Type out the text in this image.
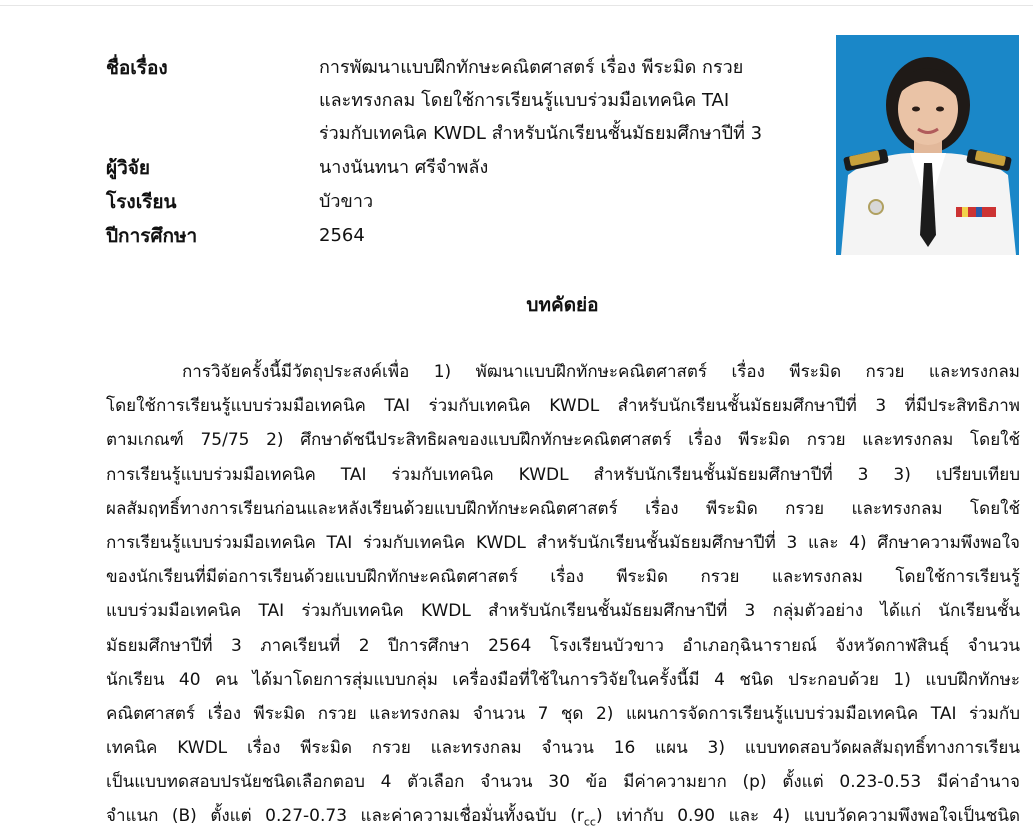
ชื่อเรื่อง	การพัฒนาแบบฝึกทักษะคณิตศาสตร์ เรื่อง พีระมิด กรวย
และทรงกลม โดยใช้การเรียนรู้แบบร่วมมือเทคนิค TAI
ร่วมกับเทคนิค KWDL สำหรับนักเรียนชั้นมัธยมศึกษาปีที่ 3
ผู้วิจัย	นางนันทนา ศรีจำพลัง
โรงเรียน	บัวขาว
ปีการศึกษา	2564
บทคัดย่อ
การวิจัยครั้งนี้มีวัตถุประสงค์เพื่อ 1) พัฒนาแบบฝึกทักษะคณิตศาสตร์ เรื่อง พีระมิด กรวย และทรงกลม
โดยใช้การเรียนรู้แบบร่วมมือเทคนิค TAI ร่วมกับเทคนิค KWDL สำหรับนักเรียนชั้นมัธยมศึกษาปีที่ 3 ที่มีประสิทธิภาพ
ตามเกณฑ์ 75/75 2) ศึกษาดัชนีประสิทธิผลของแบบฝึกทักษะคณิตศาสตร์ เรื่อง พีระมิด กรวย และทรงกลม โดยใช้
การเรียนรู้แบบร่วมมือเทคนิค TAI ร่วมกับเทคนิค KWDL สำหรับนักเรียนชั้นมัธยมศึกษาปีที่ 3 3) เปรียบเทียบ
ผลสัมฤทธิ์ทางการเรียนก่อนและหลังเรียนด้วยแบบฝึกทักษะคณิตศาสตร์ เรื่อง พีระมิด กรวย และทรงกลม โดยใช้
การเรียนรู้แบบร่วมมือเทคนิค TAI ร่วมกับเทคนิค KWDL สำหรับนักเรียนชั้นมัธยมศึกษาปีที่ 3 และ 4) ศึกษาความพึงพอใจ
ของนักเรียนที่มีต่อการเรียนด้วยแบบฝึกทักษะคณิตศาสตร์ เรื่อง พีระมิด กรวย และทรงกลม โดยใช้การเรียนรู้
แบบร่วมมือเทคนิค TAI ร่วมกับเทคนิค KWDL สำหรับนักเรียนชั้นมัธยมศึกษาปีที่ 3 กลุ่มตัวอย่าง ได้แก่ นักเรียนชั้น
มัธยมศึกษาปีที่ 3 ภาคเรียนที่ 2 ปีการศึกษา 2564 โรงเรียนบัวขาว อำเภอกุฉินารายณ์ จังหวัดกาฬสินธุ์ จำนวน
นักเรียน 40 คน ได้มาโดยการสุ่มแบบกลุ่ม เครื่องมือที่ใช้ในการวิจัยในครั้งนี้มี 4 ชนิด ประกอบด้วย 1) แบบฝึกทักษะ
คณิตศาสตร์ เรื่อง พีระมิด กรวย และทรงกลม จำนวน 7 ชุด 2) แผนการจัดการเรียนรู้แบบร่วมมือเทคนิค TAI ร่วมกับ
เทคนิค KWDL เรื่อง พีระมิด กรวย และทรงกลม จำนวน 16 แผน 3) แบบทดสอบวัดผลสัมฤทธิ์ทางการเรียน
เป็นแบบทดสอบปรนัยชนิดเลือกตอบ 4 ตัวเลือก จำนวน 30 ข้อ มีค่าความยาก (p) ตั้งแต่ 0.23-0.53 มีค่าอำนาจ
จำแนก (B) ตั้งแต่ 0.27-0.73 และค่าความเชื่อมั่นทั้งฉบับ $(r_{cc})$ เท่ากับ 0.90 และ 4) แบบวัดความพึงพอใจเป็นชนิด
